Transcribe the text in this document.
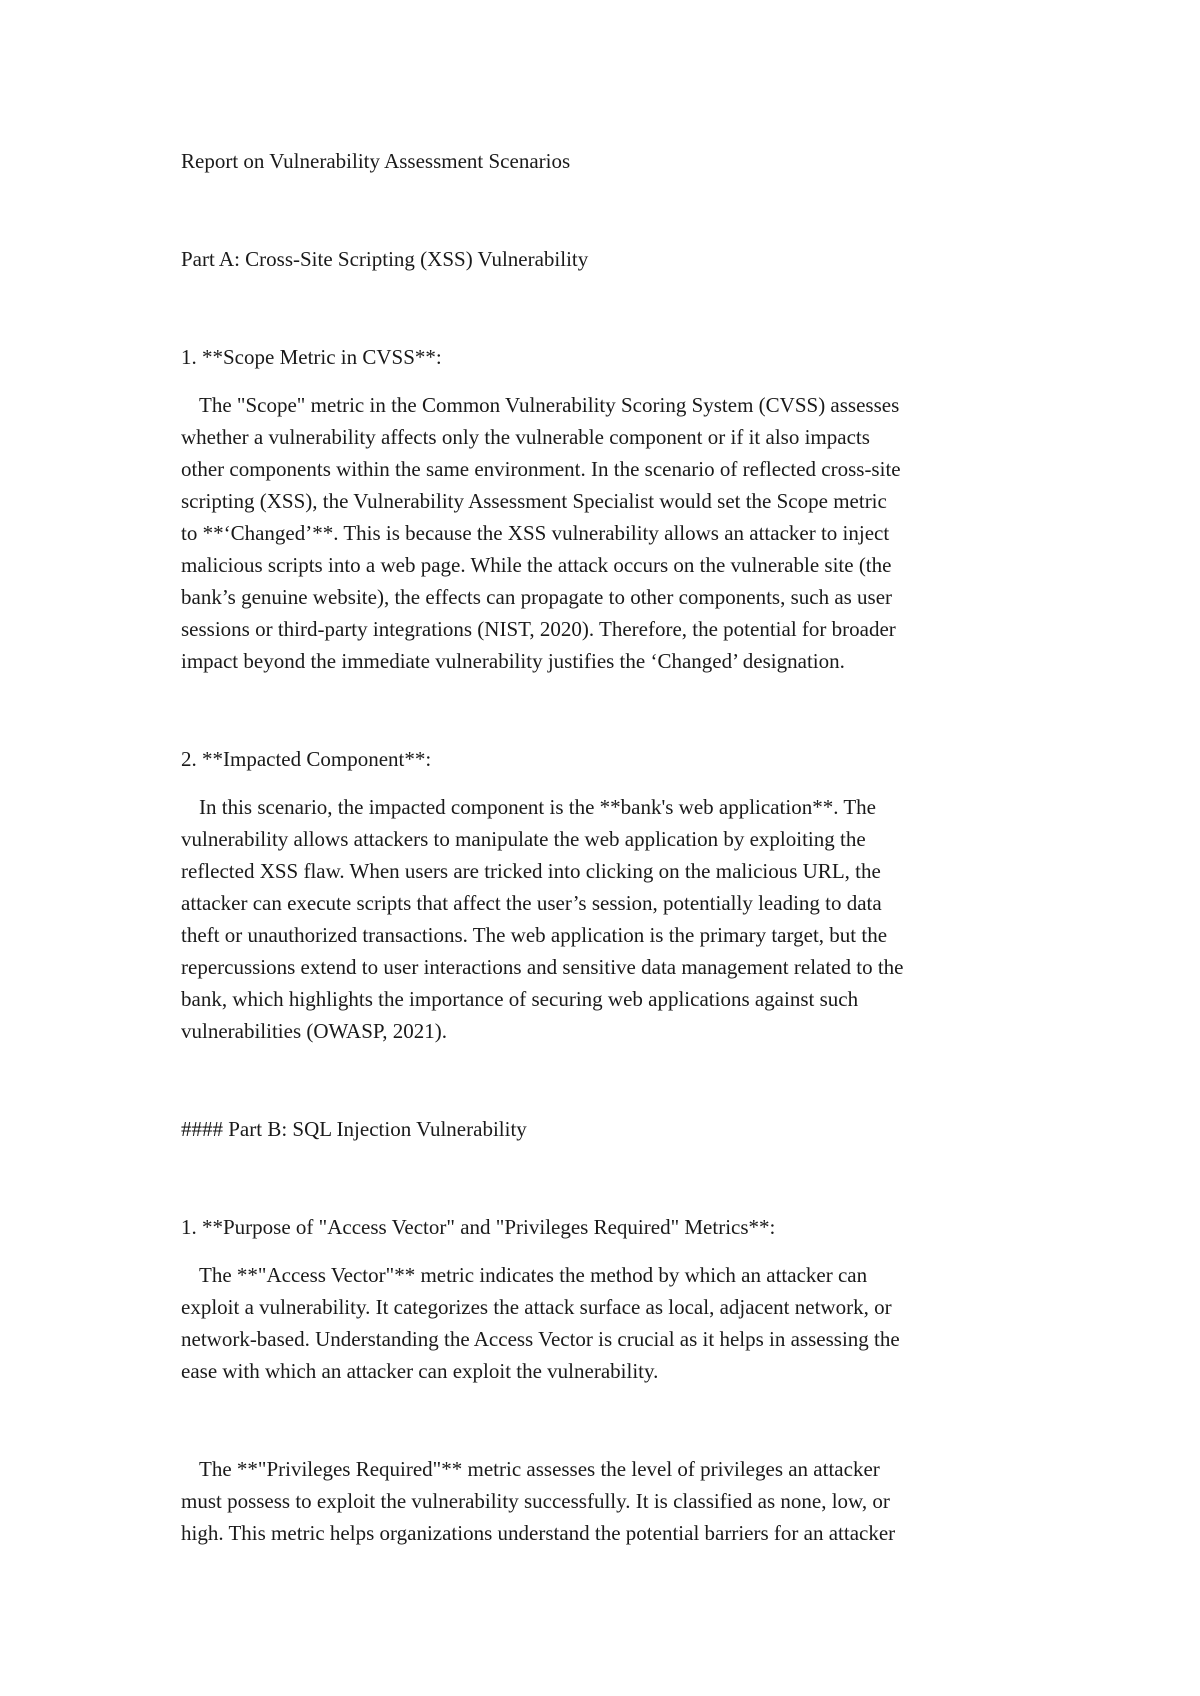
Report on Vulnerability Assessment Scenarios

Part A: Cross-Site Scripting (XSS) Vulnerability

1. **Scope Metric in CVSS**:

The "Scope" metric in the Common Vulnerability Scoring System (CVSS) assesses

whether a vulnerability affects only the vulnerable component or if it also impacts

other components within the same environment. In the scenario of reflected cross-site

scripting (XSS), the Vulnerability Assessment Specialist would set the Scope metric

to **‘Changed’**. This is because the XSS vulnerability allows an attacker to inject

malicious scripts into a web page. While the attack occurs on the vulnerable site (the

bank’s genuine website), the effects can propagate to other components, such as user

sessions or third-party integrations (NIST, 2020). Therefore, the potential for broader

impact beyond the immediate vulnerability justifies the ‘Changed’ designation.

2. **Impacted Component**:

In this scenario, the impacted component is the **bank's web application**. The

vulnerability allows attackers to manipulate the web application by exploiting the

reflected XSS flaw. When users are tricked into clicking on the malicious URL, the

attacker can execute scripts that affect the user’s session, potentially leading to data

theft or unauthorized transactions. The web application is the primary target, but the

repercussions extend to user interactions and sensitive data management related to the

bank, which highlights the importance of securing web applications against such

vulnerabilities (OWASP, 2021).

#### Part B: SQL Injection Vulnerability

1. **Purpose of "Access Vector" and "Privileges Required" Metrics**:

The **"Access Vector"** metric indicates the method by which an attacker can

exploit a vulnerability. It categorizes the attack surface as local, adjacent network, or

network-based. Understanding the Access Vector is crucial as it helps in assessing the

ease with which an attacker can exploit the vulnerability.

The **"Privileges Required"** metric assesses the level of privileges an attacker

must possess to exploit the vulnerability successfully. It is classified as none, low, or

high. This metric helps organizations understand the potential barriers for an attacker
